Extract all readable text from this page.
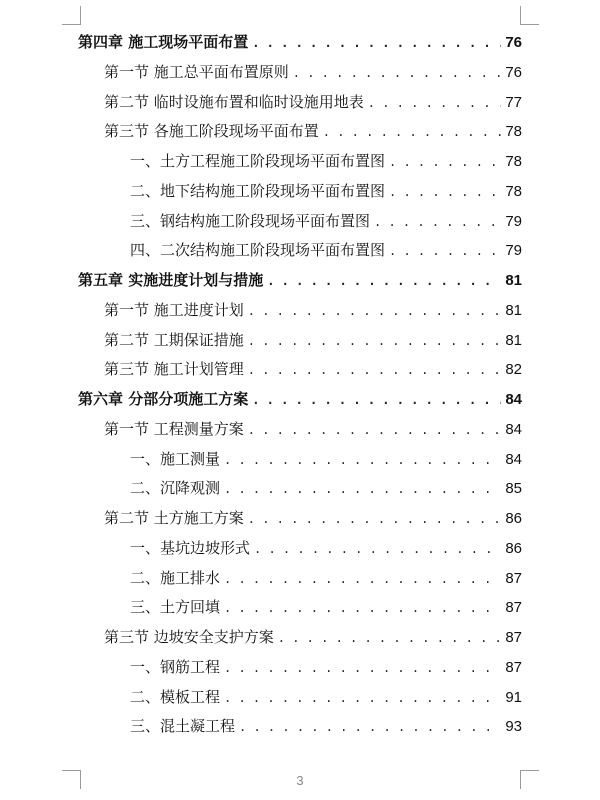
第四章 施工现场平面布置 . . .	76
第一节 施工总平面布置原则 . . .	76
第二节 临时设施布置和临时设施用地表 . . .	77
第三节 各施工阶段现场平面布置 . . .	78
一、土方工程施工阶段现场平面布置图 . . .	78
二、地下结构施工阶段现场平面布置图 . . .	78
三、钢结构施工阶段现场平面布置图 . . .	79
四、二次结构施工阶段现场平面布置图 . . .	79
第五章 实施进度计划与措施 . . .	81
第一节 施工进度计划 . . .	81
第二节 工期保证措施 . . .	81
第三节 施工计划管理 . . .	82
第六章 分部分项施工方案 . . .	84
第一节 工程测量方案 . . .	84
一、施工测量 . . .	84
二、沉降观测 . . .	85
第二节 土方施工方案 . . .	86
一、基坑边坡形式 . . .	86
二、施工排水 . . .	87
三、土方回填 . . .	87
第三节 边坡安全支护方案 . . .	87
一、钢筋工程 . . .	87
二、模板工程 . . .	91
三、混土凝工程 . . .	93
3
